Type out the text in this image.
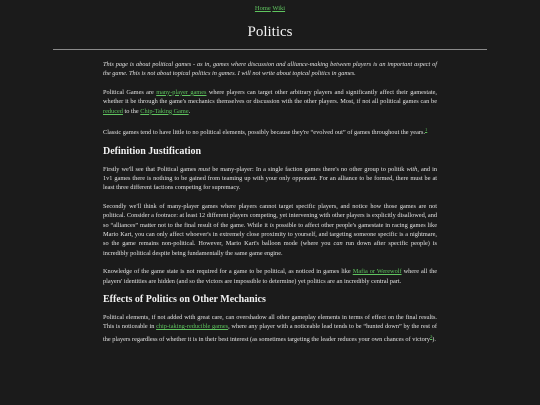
Home Wiki
Politics

This page is about political games - as in, games where discussion and alliance-making between players is an important aspect of the game. This is not about topical politics in games. I will not write about topical politics in games.

Political Games are many-player games where players can target other arbitrary players and significantly affect their gamestate, whether it be through the game's mechanics themselves or discussion with the other players. Most, if not all political games can be reduced to the Chip-Taking Game.

Classic games tend to have little to no political elements, possibly because they're “evolved out” of games throughout the years.$^1$

Definition Justification

Firstly we'll see that Political games must be many-player: In a single faction games there's no other group to politik with, and in 1v1 games there is nothing to be gained from teaming up with your only opponent. For an alliance to be formed, there must be at least three different factions competing for supremacy.

Secondly we'll think of many-player games where players cannot target specific players, and notice how those games are not political. Consider a footrace: at least 12 different players competing, yet intervening with other players is explicitly disallowed, and so “alliances” matter not to the final result of the game. While it is possible to affect other people's gamestate in racing games like Mario Kart, you can only affect whoever's in extremely close proximity to yourself, and targeting someone specific is a nightmare, so the game remains non-political. However, Mario Kart's balloon mode (where you can run down after specific people) is incredibly political despite being fundamentally the same game engine.

Knowledge of the game state is not required for a game to be political, as noticed in games like Mafia or Werewolf where all the players' identities are hidden (and so the victors are impossible to determine) yet politics are an incredibly central part.

Effects of Politics on Other Mechanics

Political elements, if not added with great care, can overshadow all other gameplay elements in terms of effect on the final results. This is noticeable in chip-taking-reducible games, where any player with a noticeable lead tends to be “hunted down” by the rest of the players regardless of whether it is in their best interest (as sometimes targeting the leader reduces your own chances of victory$^2$).
